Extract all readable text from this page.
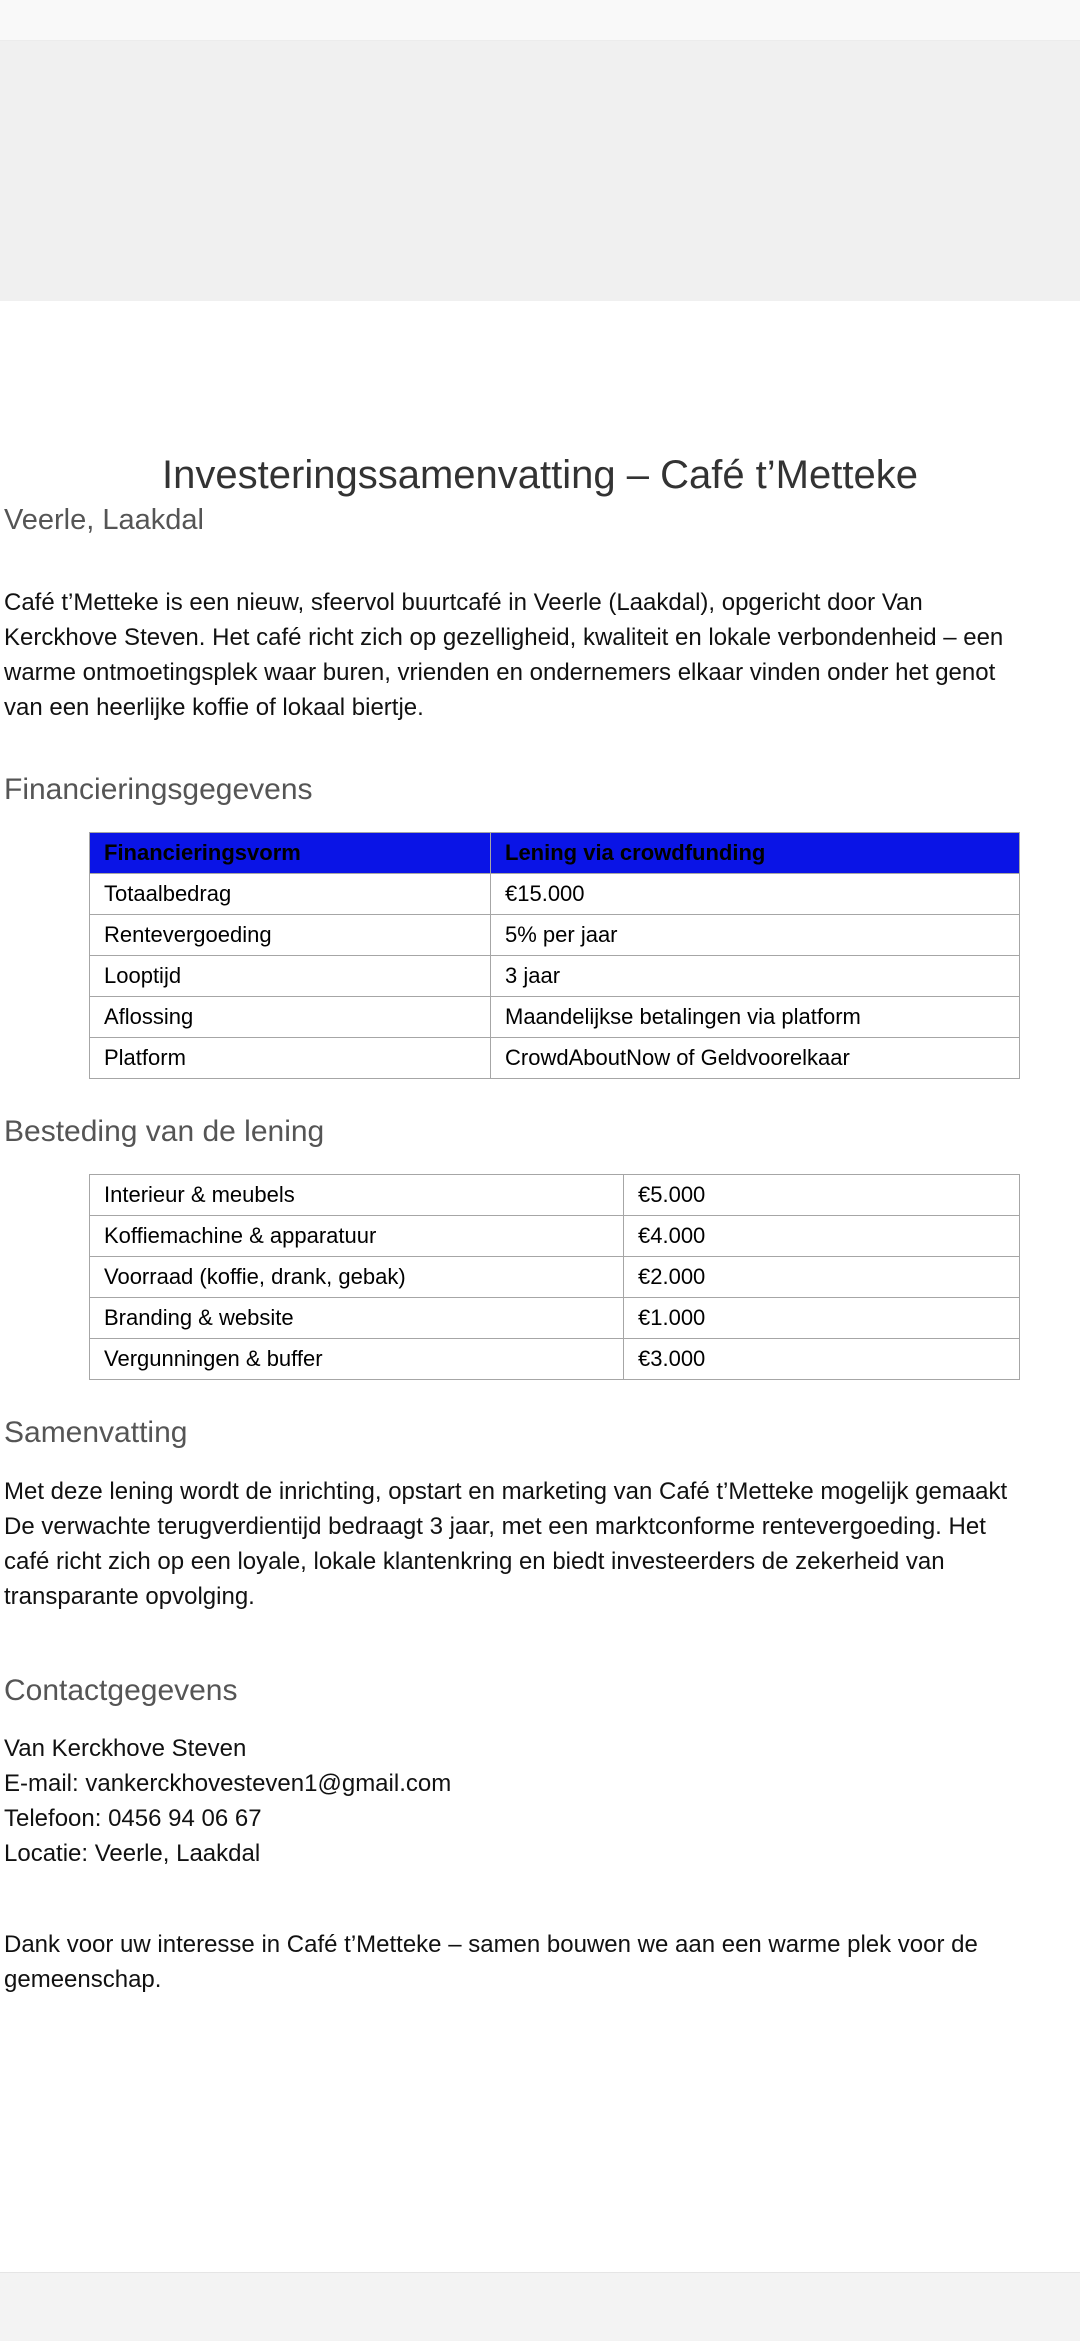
Investeringssamenvatting – Café t’Metteke
Veerle, Laakdal

Café t’Metteke is een nieuw, sfeervol buurtcafé in Veerle (Laakdal), opgericht door Van
Kerckhove Steven. Het café richt zich op gezelligheid, kwaliteit en lokale verbondenheid – een
warme ontmoetingsplek waar buren, vrienden en ondernemers elkaar vinden onder het genot
van een heerlijke koffie of lokaal biertje.

Financieringsgegevens
Financieringsvorm	Lening via crowdfunding
Totaalbedrag	€15.000
Rentevergoeding	5% per jaar
Looptijd	3 jaar
Aflossing	Maandelijkse betalingen via platform
Platform	CrowdAboutNow of Geldvoorelkaar
Besteding van de lening
Interieur & meubels	€5.000
Koffiemachine & apparatuur	€4.000
Voorraad (koffie, drank, gebak)	€2.000
Branding & website	€1.000
Vergunningen & buffer	€3.000
Samenvatting

Met deze lening wordt de inrichting, opstart en marketing van Café t’Metteke mogelijk gemaakt
De verwachte terugverdientijd bedraagt 3 jaar, met een marktconforme rentevergoeding. Het
café richt zich op een loyale, lokale klantenkring en biedt investeerders de zekerheid van
transparante opvolging.

Contactgegevens
Van Kerckhove Steven
E-mail: vankerckhovesteven1@gmail.com
Telefoon: 0456 94 06 67
Locatie: Veerle, Laakdal

Dank voor uw interesse in Café t’Metteke – samen bouwen we aan een warme plek voor de
gemeenschap.
